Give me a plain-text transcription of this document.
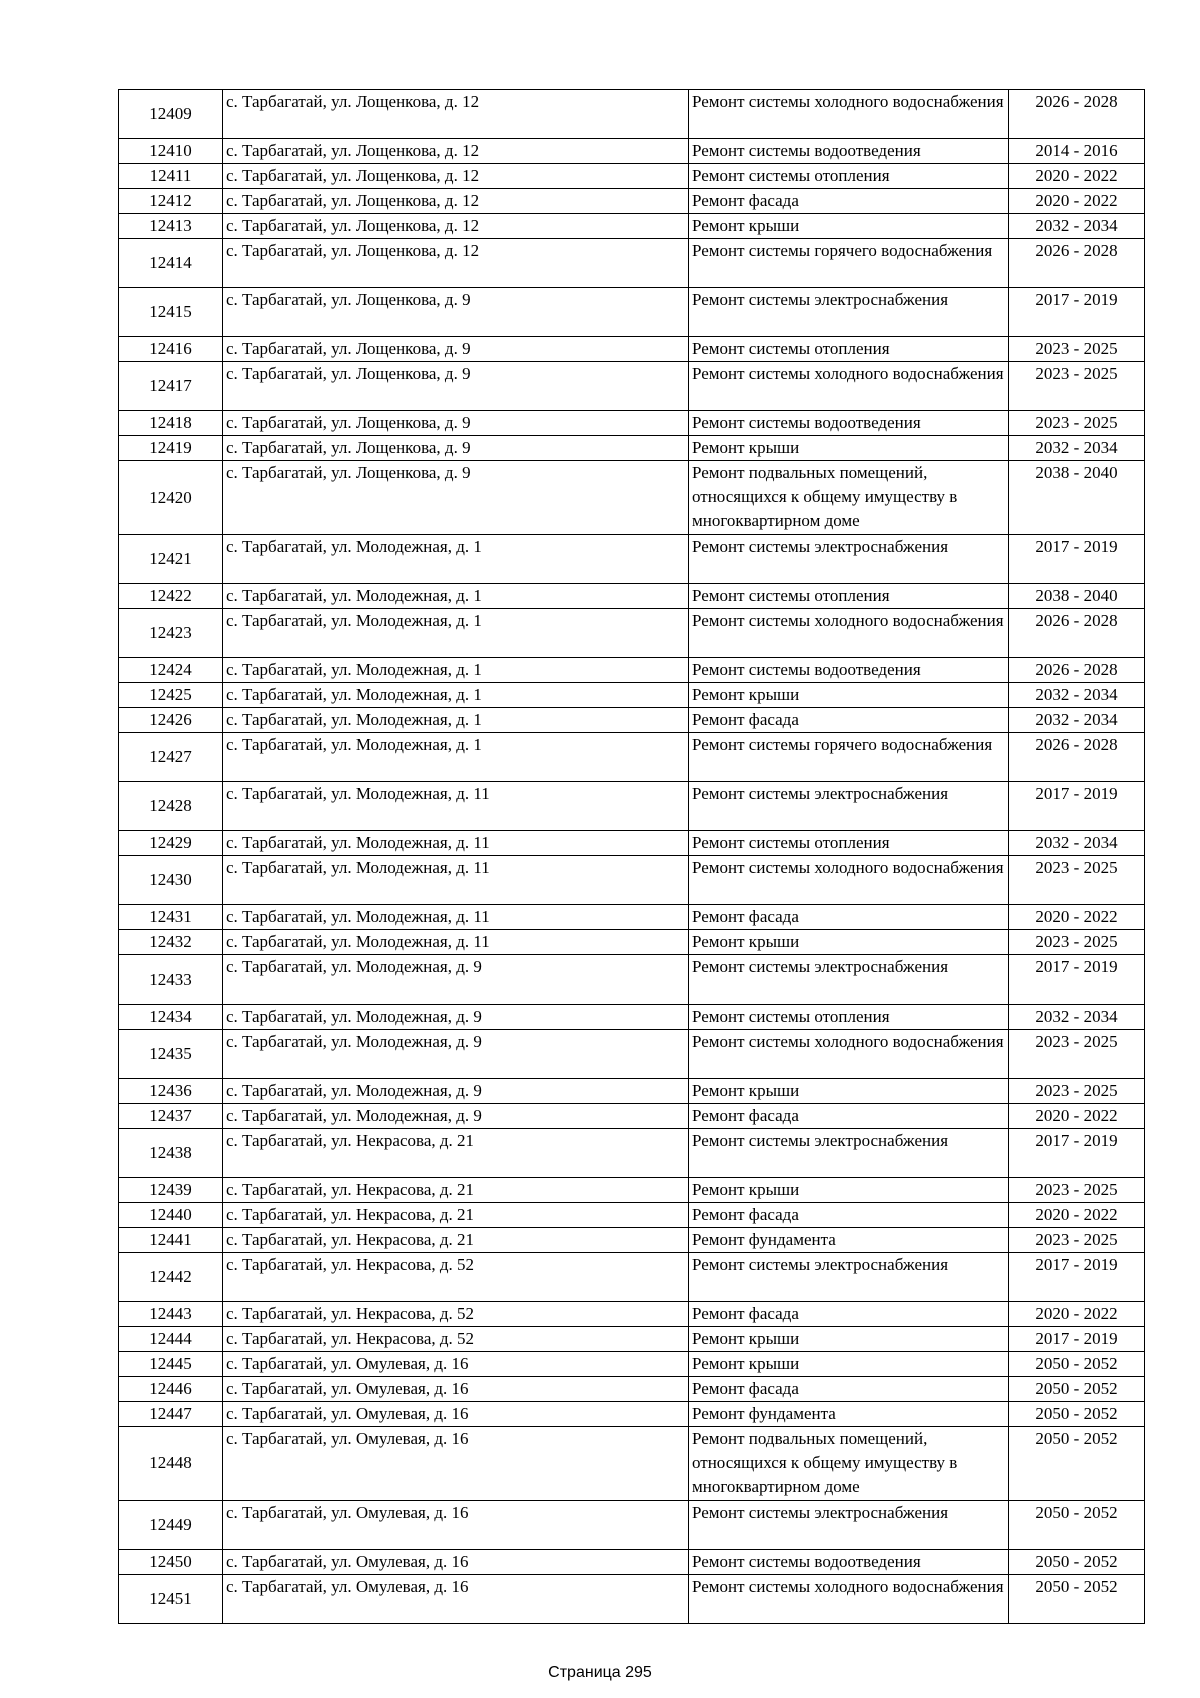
12409	с. Тарбагатай, ул. Лощенкова, д. 12	Ремонт системы холодного водоснабжения	2026 - 2028
12410	с. Тарбагатай, ул. Лощенкова, д. 12	Ремонт системы водоотведения	2014 - 2016
12411	с. Тарбагатай, ул. Лощенкова, д. 12	Ремонт системы отопления	2020 - 2022
12412	с. Тарбагатай, ул. Лощенкова, д. 12	Ремонт фасада	2020 - 2022
12413	с. Тарбагатай, ул. Лощенкова, д. 12	Ремонт крыши	2032 - 2034
12414	с. Тарбагатай, ул. Лощенкова, д. 12	Ремонт системы горячего водоснабжения	2026 - 2028
12415	с. Тарбагатай, ул. Лощенкова, д. 9	Ремонт системы электроснабжения	2017 - 2019
12416	с. Тарбагатай, ул. Лощенкова, д. 9	Ремонт системы отопления	2023 - 2025
12417	с. Тарбагатай, ул. Лощенкова, д. 9	Ремонт системы холодного водоснабжения	2023 - 2025
12418	с. Тарбагатай, ул. Лощенкова, д. 9	Ремонт системы водоотведения	2023 - 2025
12419	с. Тарбагатай, ул. Лощенкова, д. 9	Ремонт крыши	2032 - 2034
12420	с. Тарбагатай, ул. Лощенкова, д. 9	Ремонт подвальных помещений, относящихся к общему имуществу в многоквартирном доме	2038 - 2040
12421	с. Тарбагатай, ул. Молодежная, д. 1	Ремонт системы электроснабжения	2017 - 2019
12422	с. Тарбагатай, ул. Молодежная, д. 1	Ремонт системы отопления	2038 - 2040
12423	с. Тарбагатай, ул. Молодежная, д. 1	Ремонт системы холодного водоснабжения	2026 - 2028
12424	с. Тарбагатай, ул. Молодежная, д. 1	Ремонт системы водоотведения	2026 - 2028
12425	с. Тарбагатай, ул. Молодежная, д. 1	Ремонт крыши	2032 - 2034
12426	с. Тарбагатай, ул. Молодежная, д. 1	Ремонт фасада	2032 - 2034
12427	с. Тарбагатай, ул. Молодежная, д. 1	Ремонт системы горячего водоснабжения	2026 - 2028
12428	с. Тарбагатай, ул. Молодежная, д. 11	Ремонт системы электроснабжения	2017 - 2019
12429	с. Тарбагатай, ул. Молодежная, д. 11	Ремонт системы отопления	2032 - 2034
12430	с. Тарбагатай, ул. Молодежная, д. 11	Ремонт системы холодного водоснабжения	2023 - 2025
12431	с. Тарбагатай, ул. Молодежная, д. 11	Ремонт фасада	2020 - 2022
12432	с. Тарбагатай, ул. Молодежная, д. 11	Ремонт крыши	2023 - 2025
12433	с. Тарбагатай, ул. Молодежная, д. 9	Ремонт системы электроснабжения	2017 - 2019
12434	с. Тарбагатай, ул. Молодежная, д. 9	Ремонт системы отопления	2032 - 2034
12435	с. Тарбагатай, ул. Молодежная, д. 9	Ремонт системы холодного водоснабжения	2023 - 2025
12436	с. Тарбагатай, ул. Молодежная, д. 9	Ремонт крыши	2023 - 2025
12437	с. Тарбагатай, ул. Молодежная, д. 9	Ремонт фасада	2020 - 2022
12438	с. Тарбагатай, ул. Некрасова, д. 21	Ремонт системы электроснабжения	2017 - 2019
12439	с. Тарбагатай, ул. Некрасова, д. 21	Ремонт крыши	2023 - 2025
12440	с. Тарбагатай, ул. Некрасова, д. 21	Ремонт фасада	2020 - 2022
12441	с. Тарбагатай, ул. Некрасова, д. 21	Ремонт фундамента	2023 - 2025
12442	с. Тарбагатай, ул. Некрасова, д. 52	Ремонт системы электроснабжения	2017 - 2019
12443	с. Тарбагатай, ул. Некрасова, д. 52	Ремонт фасада	2020 - 2022
12444	с. Тарбагатай, ул. Некрасова, д. 52	Ремонт крыши	2017 - 2019
12445	с. Тарбагатай, ул. Омулевая, д. 16	Ремонт крыши	2050 - 2052
12446	с. Тарбагатай, ул. Омулевая, д. 16	Ремонт фасада	2050 - 2052
12447	с. Тарбагатай, ул. Омулевая, д. 16	Ремонт фундамента	2050 - 2052
12448	с. Тарбагатай, ул. Омулевая, д. 16	Ремонт подвальных помещений, относящихся к общему имуществу в многоквартирном доме	2050 - 2052
12449	с. Тарбагатай, ул. Омулевая, д. 16	Ремонт системы электроснабжения	2050 - 2052
12450	с. Тарбагатай, ул. Омулевая, д. 16	Ремонт системы водоотведения	2050 - 2052
12451	с. Тарбагатай, ул. Омулевая, д. 16	Ремонт системы холодного водоснабжения	2050 - 2052
Страница 295
